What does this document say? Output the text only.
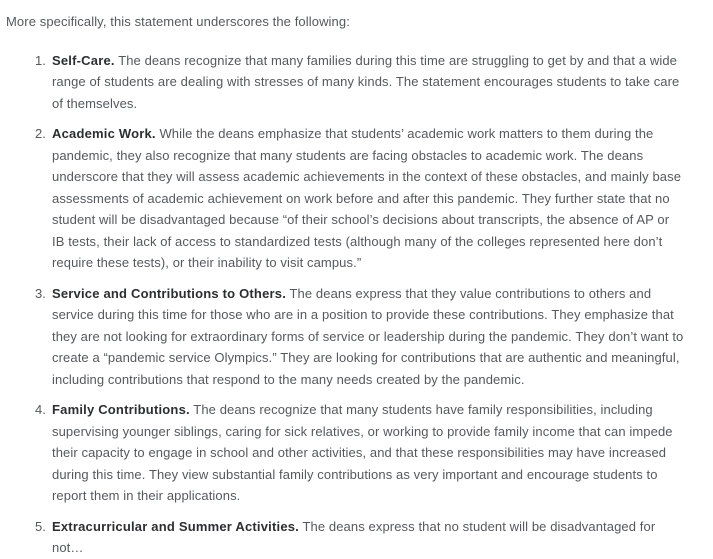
More specifically, this statement underscores the following:

1. Self-Care. The deans recognize that many families during this time are struggling to get by and that a wide range of students are dealing with stresses of many kinds. The statement encourages students to take care of themselves.
2. Academic Work. While the deans emphasize that students’ academic work matters to them during the pandemic, they also recognize that many students are facing obstacles to academic work. The deans underscore that they will assess academic achievements in the context of these obstacles, and mainly base assessments of academic achievement on work before and after this pandemic. They further state that no student will be disadvantaged because “of their school’s decisions about transcripts, the absence of AP or IB tests, their lack of access to standardized tests (although many of the colleges represented here don’t require these tests), or their inability to visit campus.”
3. Service and Contributions to Others. The deans express that they value contributions to others and service during this time for those who are in a position to provide these contributions. They emphasize that they are not looking for extraordinary forms of service or leadership during the pandemic. They don’t want to create a “pandemic service Olympics.” They are looking for contributions that are authentic and meaningful, including contributions that respond to the many needs created by the pandemic.
4. Family Contributions. The deans recognize that many students have family responsibilities, including supervising younger siblings, caring for sick relatives, or working to provide family income that can impede their capacity to engage in school and other activities, and that these responsibilities may have increased during this time. They view substantial family contributions as very important and encourage students to report them in their applications.
5. Extracurricular and Summer Activities. The deans express that no student will be disadvantaged for not…
